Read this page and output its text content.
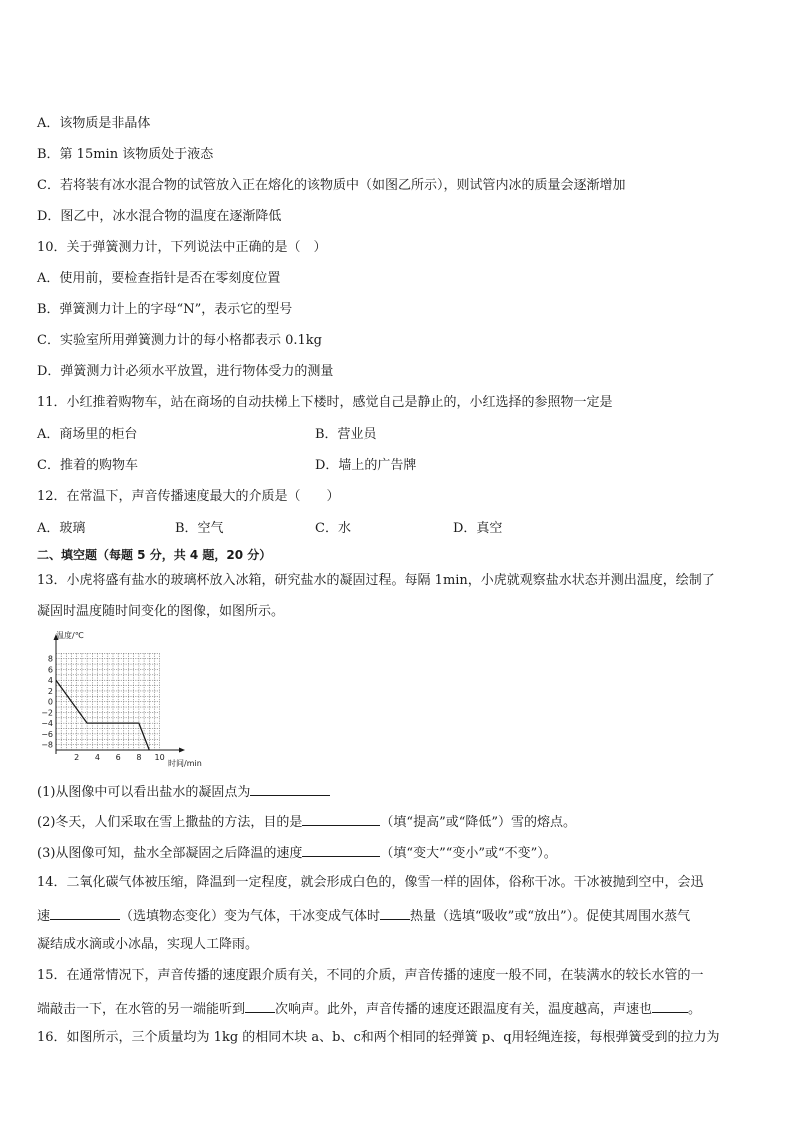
A．该物质是非晶体
B．第 15min 该物质处于液态
C．若将装有冰水混合物的试管放入正在熔化的该物质中（如图乙所示），则试管内冰的质量会逐渐增加
D．图乙中，冰水混合物的温度在逐渐降低
10．关于弹簧测力计，下列说法中正确的是（　）
A．使用前，要检查指针是否在零刻度位置
B．弹簧测力计上的字母“N”，表示它的型号
C．实验室所用弹簧测力计的每小格都表示 0.1kg
D．弹簧测力计必须水平放置，进行物体受力的测量
11．小红推着购物车，站在商场的自动扶梯上下楼时，感觉自己是静止的，小红选择的参照物一定是
A．商场里的柜台	B．营业员
C．推着的购物车	D．墙上的广告牌
12．在常温下，声音传播速度最大的介质是（　　）
A．玻璃	B．空气	C．水	D．真空
二、填空题（每题 5 分，共 4 题，20 分）
13．小虎将盛有盐水的玻璃杯放入冰箱，研究盐水的凝固过程。每隔 1min，小虎就观察盐水状态并测出温度，绘制了
凝固时温度随时间变化的图像，如图所示。
8
6
4
2
0
−2
−4
−6
−8
2 4 6 8 10
温度/℃
时间/min
(1)从图像中可以看出盐水的凝固点为
(2)冬天，人们采取在雪上撒盐的方法，目的是	（填“提高”或“降低”）雪的熔点。
(3)从图像可知，盐水全部凝固之后降温的速度	（填“变大”“变小”或“不变”）。
14．二氧化碳气体被压缩，降温到一定程度，就会形成白色的，像雪一样的固体，俗称干冰。干冰被抛到空中，会迅
速	（选填物态变化）变为气体，干冰变成气体时 热量（选填“吸收”或“放出”）。促使其周围水蒸气
凝结成水滴或小冰晶，实现人工降雨。
15．在通常情况下，声音传播的速度跟介质有关，不同的介质，声音传播的速度一般不同，在装满水的较长水管的一
端敲击一下，在水管的另一端能听到 次响声。此外，声音传播的速度还跟温度有关，温度越高，声速也	。
16．如图所示，三个质量均为 1kg 的相同木块 a、b、c和两个相同的轻弹簧 p、q用轻绳连接，每根弹簧受到的拉力为
